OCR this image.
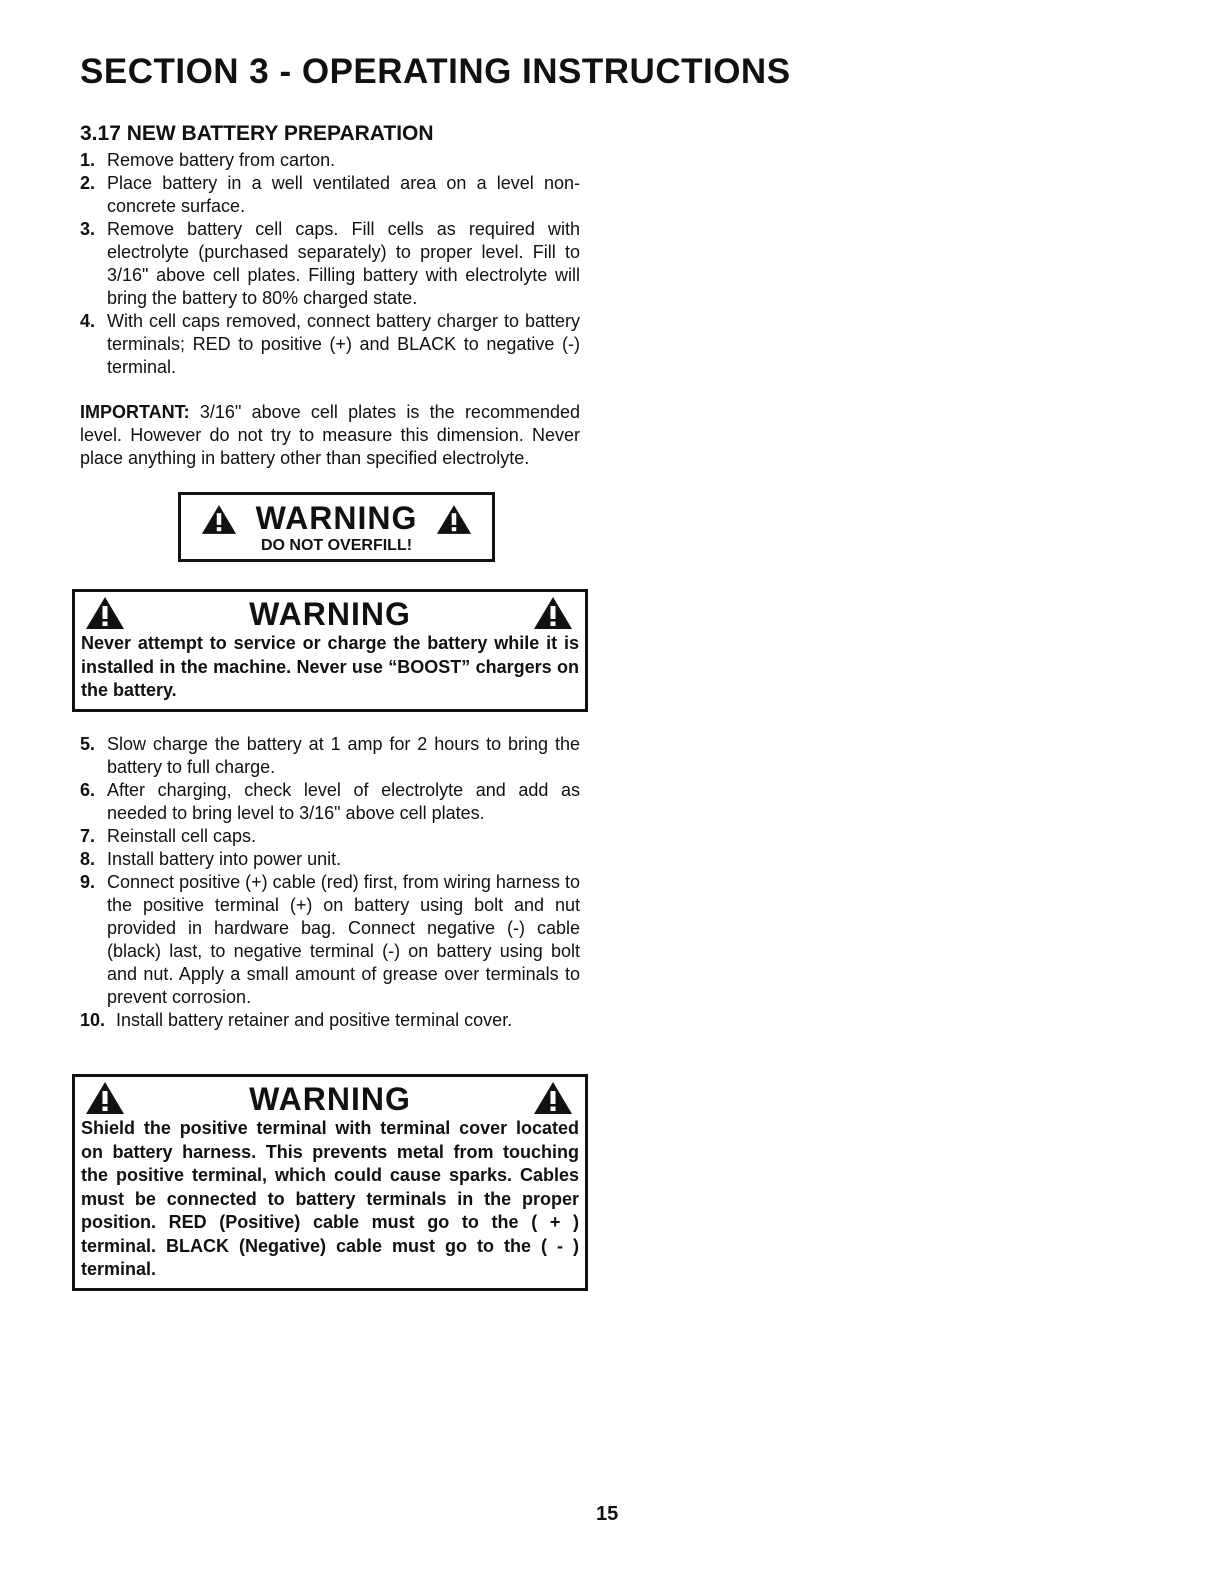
SECTION 3 - OPERATING INSTRUCTIONS
3.17 NEW BATTERY PREPARATION
1. Remove battery from carton.
2. Place battery in a well ventilated area on a level non-concrete surface.
3. Remove battery cell caps. Fill cells as required with electrolyte (purchased separately) to proper level. Fill to 3/16" above cell plates. Filling battery with electrolyte will bring the battery to 80% charged state.
4. With cell caps removed, connect battery charger to battery terminals; RED to positive (+) and BLACK to negative (-) terminal.

IMPORTANT: 3/16" above cell plates is the recommended level. However do not try to measure this dimension. Never place anything in battery other than specified electrolyte.

WARNING
DO NOT OVERFILL!
WARNING
Never attempt to service or charge the battery while it is installed in the machine. Never use “BOOST” chargers on the battery.
5. Slow charge the battery at 1 amp for 2 hours to bring the battery to full charge.
6. After charging, check level of electrolyte and add as needed to bring level to 3/16" above cell plates.
7. Reinstall cell caps.
8. Install battery into power unit.
9. Connect positive (+) cable (red) first, from wiring harness to the positive terminal (+) on battery using bolt and nut provided in hardware bag. Connect negative (-) cable (black) last, to negative terminal (-) on battery using bolt and nut. Apply a small amount of grease over terminals to prevent corrosion.
10. Install battery retainer and positive terminal cover.
WARNING
Shield the positive terminal with terminal cover located on battery harness. This prevents metal from touching the positive terminal, which could cause sparks. Cables must be connected to battery terminals in the proper position. RED (Positive) cable must go to the ( + ) terminal. BLACK (Negative) cable must go to the ( - ) terminal.
15
